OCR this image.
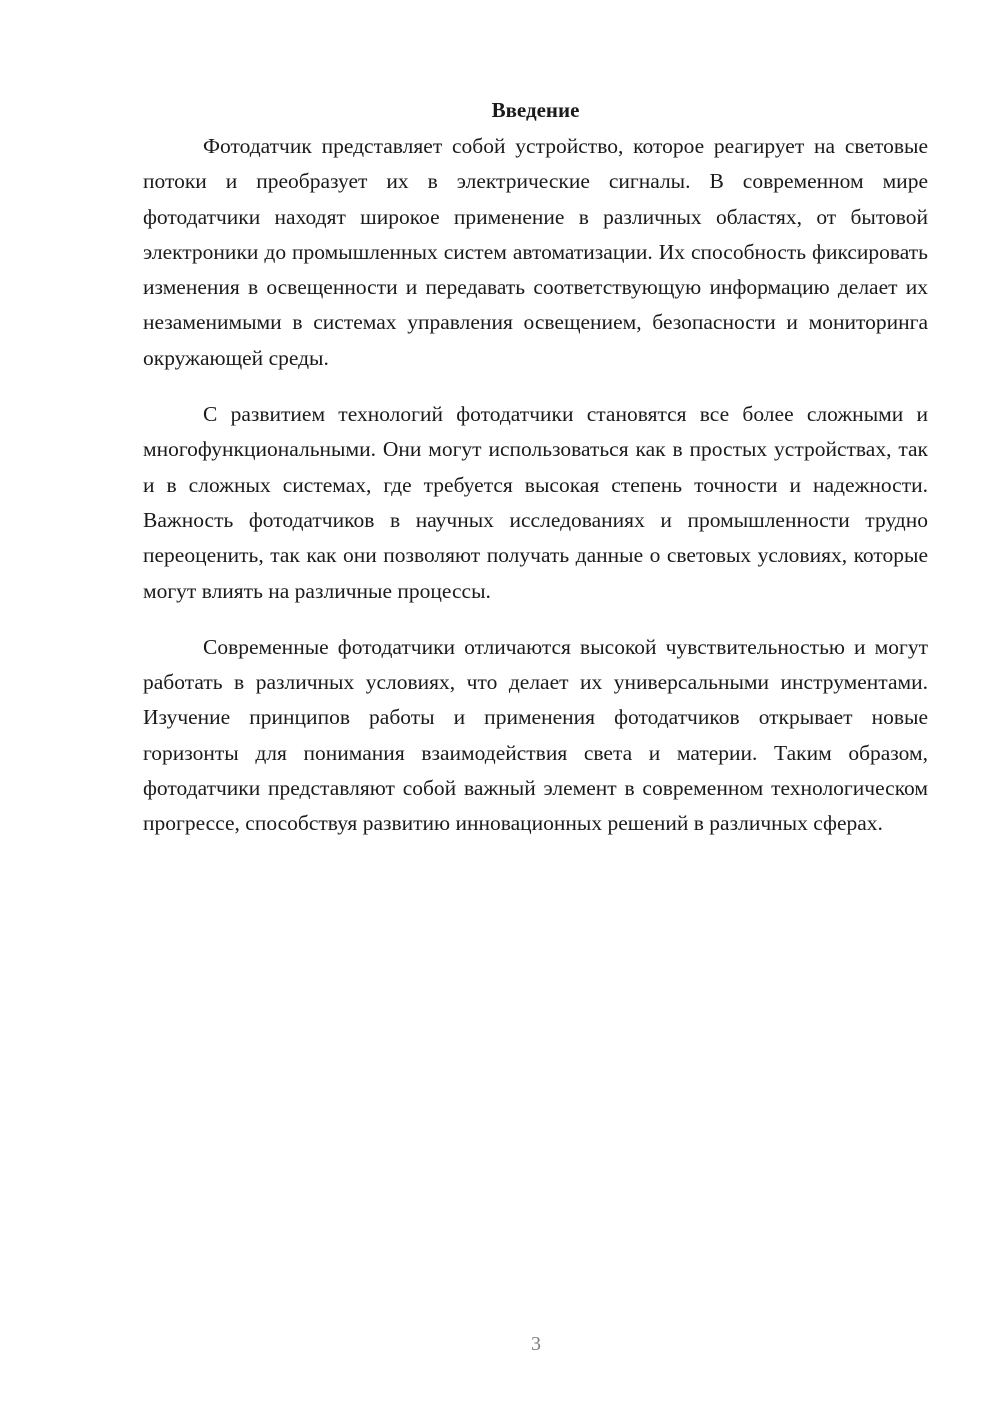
Введение

Фотодатчик представляет собой устройство, которое реагирует на световые потоки и преобразует их в электрические сигналы. В современном мире фотодатчики находят широкое применение в различных областях, от бытовой электроники до промышленных систем автоматизации. Их способность фиксировать изменения в освещенности и передавать соответствующую информацию делает их незаменимыми в системах управления освещением, безопасности и мониторинга окружающей среды.

С развитием технологий фотодатчики становятся все более сложными и многофункциональными. Они могут использоваться как в простых устройствах, так и в сложных системах, где требуется высокая степень точности и надежности. Важность фотодатчиков в научных исследованиях и промышленности трудно переоценить, так как они позволяют получать данные о световых условиях, которые могут влиять на различные процессы.

Современные фотодатчики отличаются высокой чувствительностью и могут работать в различных условиях, что делает их универсальными инструментами. Изучение принципов работы и применения фотодатчиков открывает новые горизонты для понимания взаимодействия света и материи. Таким образом, фотодатчики представляют собой важный элемент в современном технологическом прогрессе, способствуя развитию инновационных решений в различных сферах.

3
